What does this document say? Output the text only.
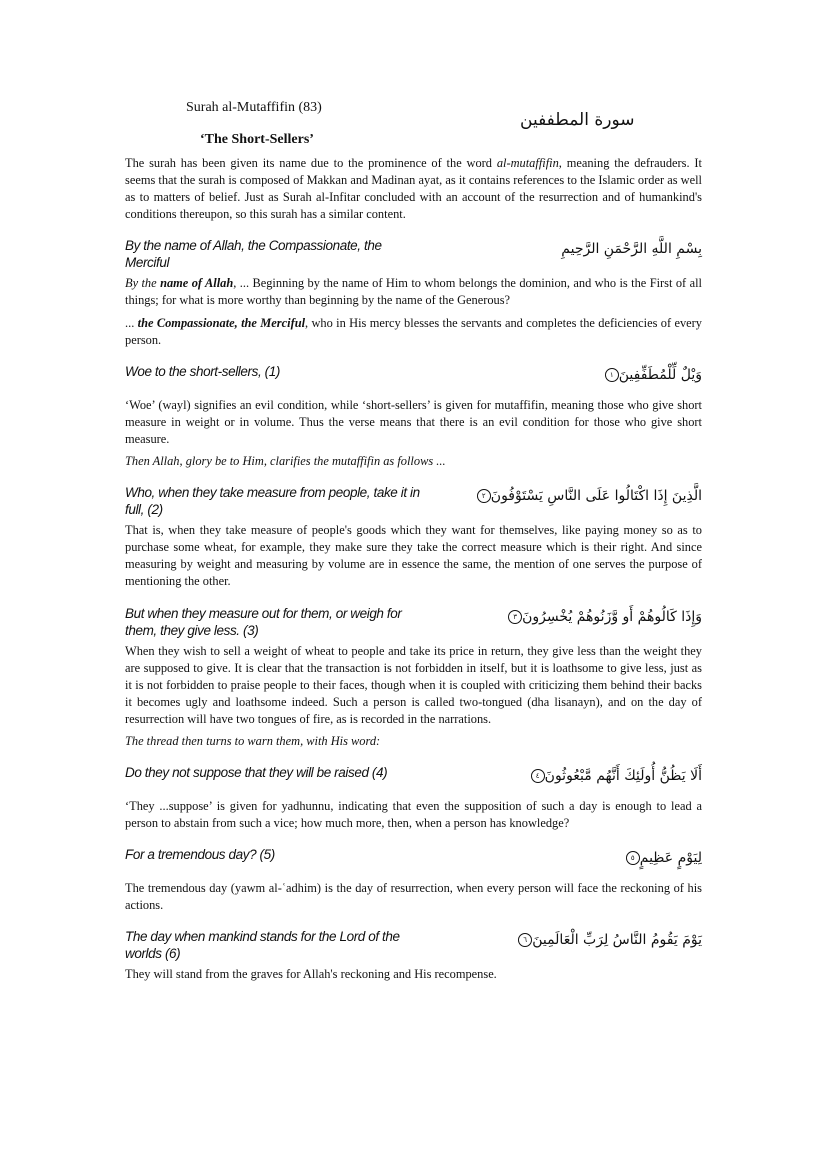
Surah al-Mutaffifin (83)
‘The Short-Sellers’
سورة المطففين

The surah has been given its name due to the prominence of the word al-mutaffifin, meaning the defrauders. It seems that the surah is composed of Makkan and Madinan ayat, as it contains references to the Islamic order as well as to matters of belief. Just as Surah al-Infitar concluded with an account of the resurrection and of humankind's conditions thereupon, so this surah has a similar content.

By the name of Allah, the Compassionate, the Merciful
بِسْمِ اللَّهِ الرَّحْمَنِ الرَّحِيمِ

By the name of Allah, ... Beginning by the name of Him to whom belongs the dominion, and who is the First of all things; for what is more worthy than beginning by the name of the Generous?

... the Compassionate, the Merciful, who in His mercy blesses the servants and completes the deficiencies of every person.

Woe to the short-sellers, (1)	وَيْلٌ لِّلْمُطَفِّفِينَ١

‘Woe’ (wayl) signifies an evil condition, while ‘short-sellers’ is given for mutaffifin, meaning those who give short measure in weight or in volume. Thus the verse means that there is an evil condition for those who give short measure.

Then Allah, glory be to Him, clarifies the mutaffifin as follows ...

Who, when they take measure from people, take it in full, (2)
الَّذِينَ إِذَا اكْتَالُوا عَلَى النَّاسِ يَسْتَوْفُونَ٢

That is, when they take measure of people's goods which they want for themselves, like paying money so as to purchase some wheat, for example, they make sure they take the correct measure which is their right. And since measuring by weight and measuring by volume are in essence the same, the mention of one serves the purpose of mentioning the other.

But when they measure out for them, or weigh for them, they give less. (3)
وَإِذَا كَالُوهُمْ أَو وَّزَنُوهُمْ يُخْسِرُونَ٣

When they wish to sell a weight of wheat to people and take its price in return, they give less than the weight they are supposed to give. It is clear that the transaction is not forbidden in itself, but it is loathsome to give less, just as it is not forbidden to praise people to their faces, though when it is coupled with criticizing them behind their backs it becomes ugly and loathsome indeed. Such a person is called two-tongued (dha lisanayn), and on the day of resurrection will have two tongues of fire, as is recorded in the narrations.

The thread then turns to warn them, with His word:

Do they not suppose that they will be raised (4)	أَلَا يَظُنُّ أُولَئِكَ أَنَّهُم مَّبْعُوثُونَ٤

‘They ...suppose’ is given for yadhunnu, indicating that even the supposition of such a day is enough to lead a person to abstain from such a vice; how much more, then, when a person has knowledge?

For a tremendous day? (5)	لِيَوْمٍ عَظِيمٍ٥

The tremendous day (yawm al-ʿadhim) is the day of resurrection, when every person will face the reckoning of his actions.

The day when mankind stands for the Lord of the worlds (6)
يَوْمَ يَقُومُ النَّاسُ لِرَبِّ الْعَالَمِينَ٦

They will stand from the graves for Allah's reckoning and His recompense.
